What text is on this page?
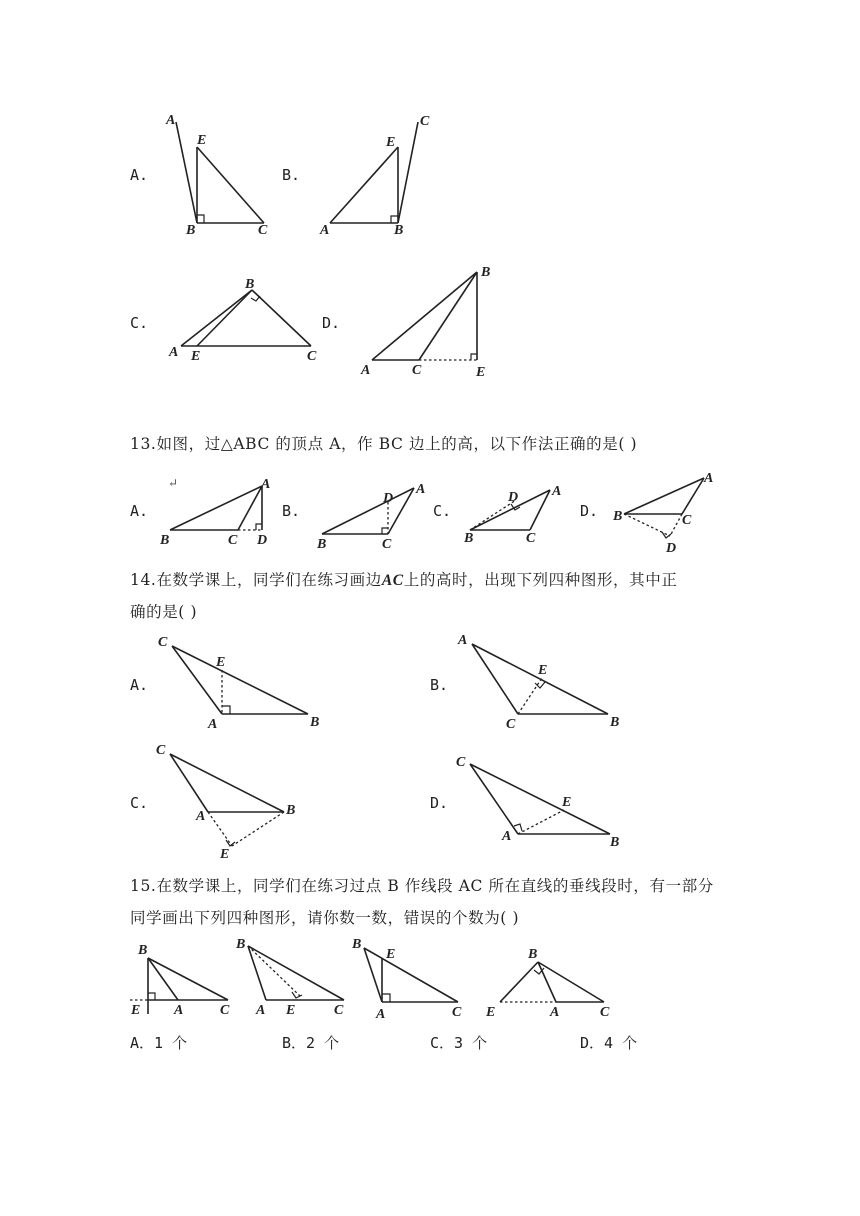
A.
A
E
B	C
B.
C
E
A	B
C.
B
A E	C
D.
B
A	C	E
13.如图，过△ABC 的顶点 A，作 BC 边上的高，以下作法正确的是( )
↵
A.
A
B	C D
B.
D
A
B	C
C.
D A
B	C
D.
A
B	C
D
14.在数学课上，同学们在练习画边AC上的高时，出现下列四种图形，其中正
确的是( )
A.
C
E
A	B
B.
A
E
C	B
C.
C
A	B
E
D.
C
E
A	B
15.在数学课上，同学们在练习过点 B 作线段 AC 所在直线的垂线段时，有一部分
同学画出下列四种图形，请你数一数，错误的个数为( )
B
E A	C
B
A E	C
B
E
A	C
B
E	A	C
A．1 个	B．2 个	C．3 个	D．4 个
